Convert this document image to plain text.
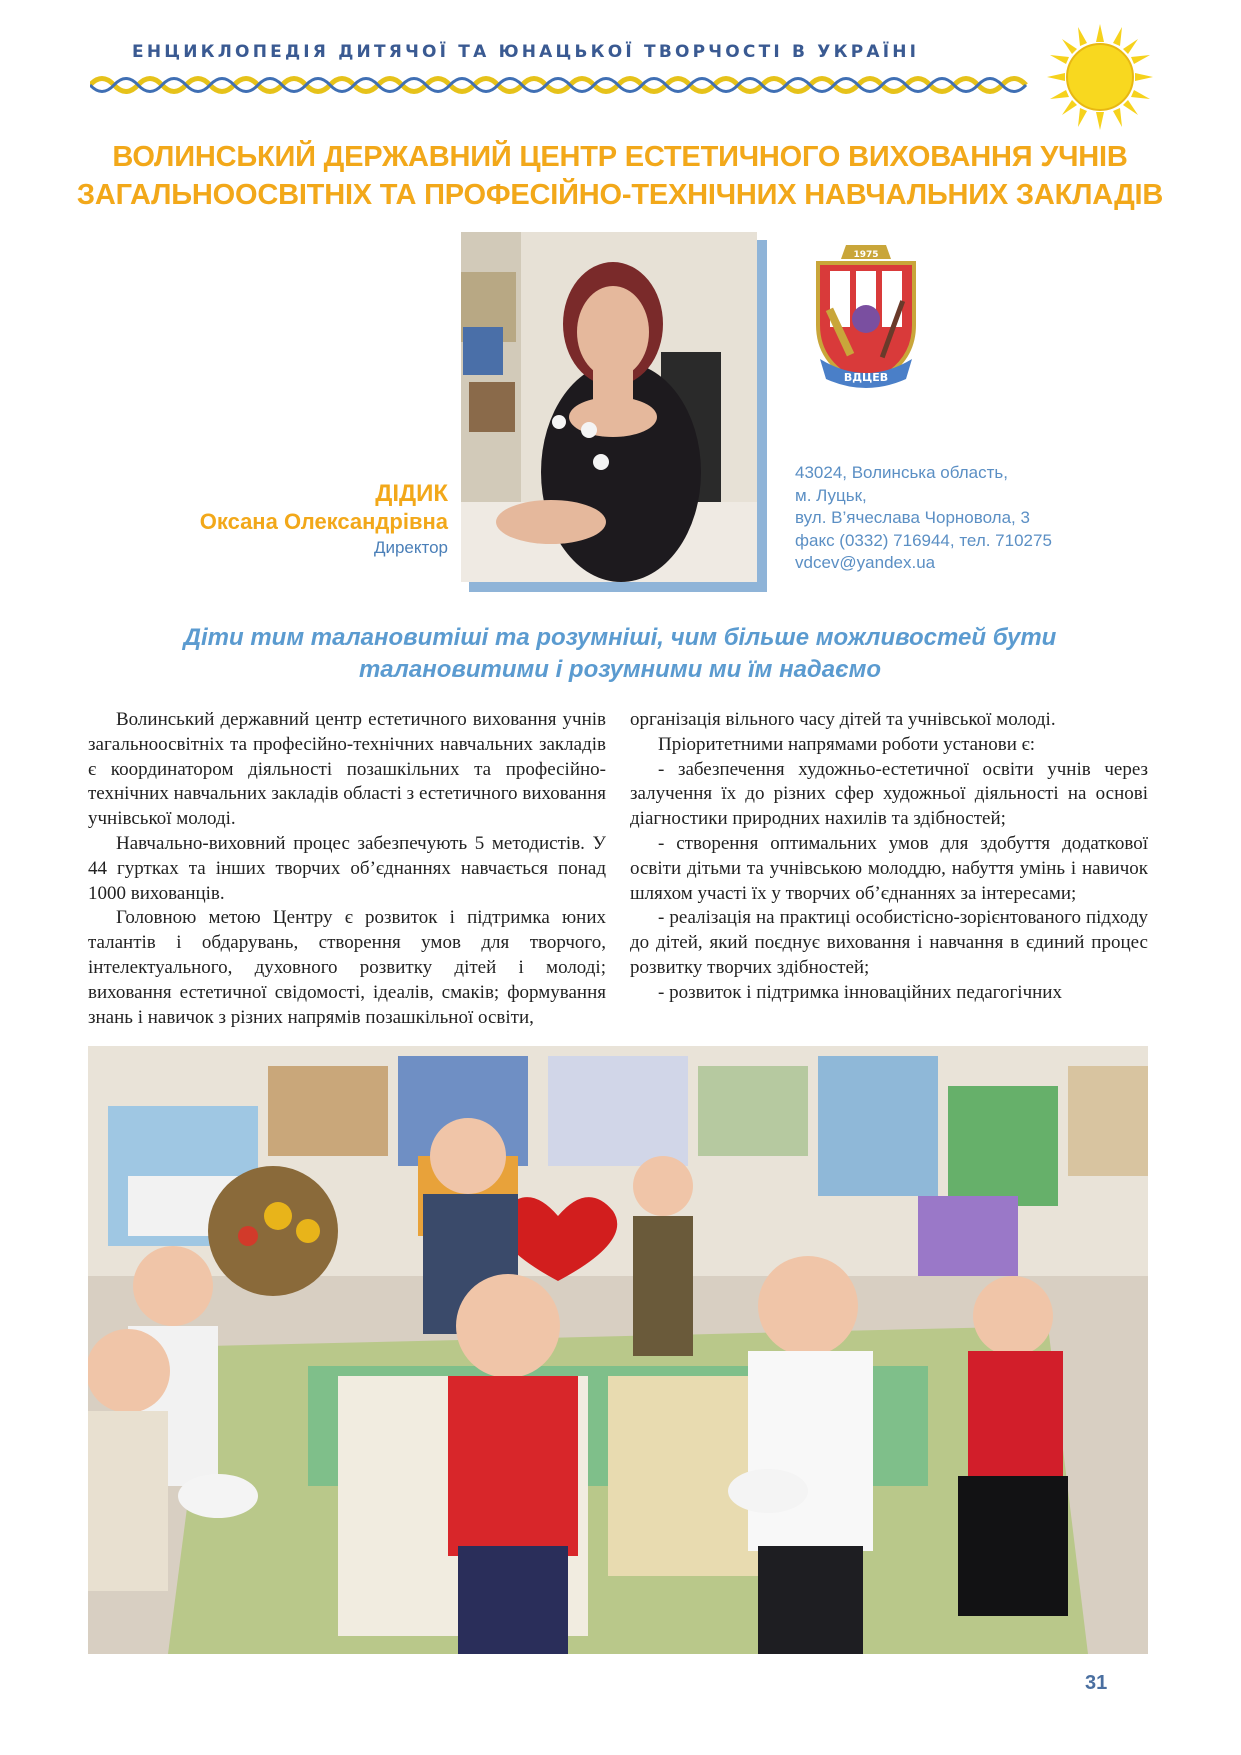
ЕНЦИКЛОПЕДІЯ ДИТЯЧОЇ ТА ЮНАЦЬКОЇ ТВОРЧОСТІ В УКРАЇНІ
ВОЛИНСЬКИЙ ДЕРЖАВНИЙ ЦЕНТР ЕСТЕТИЧНОГО ВИХОВАННЯ УЧНІВ
ЗАГАЛЬНООСВІТНІХ ТА ПРОФЕСІЙНО-ТЕХНІЧНИХ НАВЧАЛЬНИХ ЗАКЛАДІВ
1975
ВДЦЕВ
ДІДИК
Оксана Олександрівна
Директор
43024, Волинська область,
м. Луцьк,
вул. В’ячеслава Чорновола, 3
факс (0332) 716944, тел. 710275
vdcev@yandex.ua
Діти тим талановитіші та розумніші, чим більше можливостей бути
талановитими і розумними ми їм надаємо

Волинський державний центр естетичного виховання учнів загальноосвітніх та професійно-технічних навчальних закладів є координатором діяльності позашкільних та професійно-технічних навчальних закладів області з естетичного виховання учнівської молоді.

Навчально-виховний процес забезпечують 5 методистів. У 44 гуртках та інших творчих об’єднаннях навчається понад 1000 вихованців.

Головною метою Центру є розвиток і підтримка юних талантів і обдарувань, створення умов для творчого, інтелектуального, духовного розвитку дітей і молоді; виховання естетичної свідомості, ідеалів, смаків; формування знань і навичок з різних напрямів позашкільної освіти,

організація вільного часу дітей та учнівської молоді.

Пріоритетними напрямами роботи установи є:

- забезпечення художньо-естетичної освіти учнів через залучення їх до різних сфер художньої діяльності на основі діагностики природних нахилів та здібностей;

- створення оптимальних умов для здобуття додаткової освіти дітьми та учнівською молоддю, набуття умінь і навичок шляхом участі їх у творчих об’єднаннях за інтересами;

- реалізація на практиці особистісно-зорієнтованого підходу до дітей, який поєднує виховання і навчання в єдиний процес розвитку творчих здібностей;

- розвиток і підтримка інноваційних педагогічних

31
